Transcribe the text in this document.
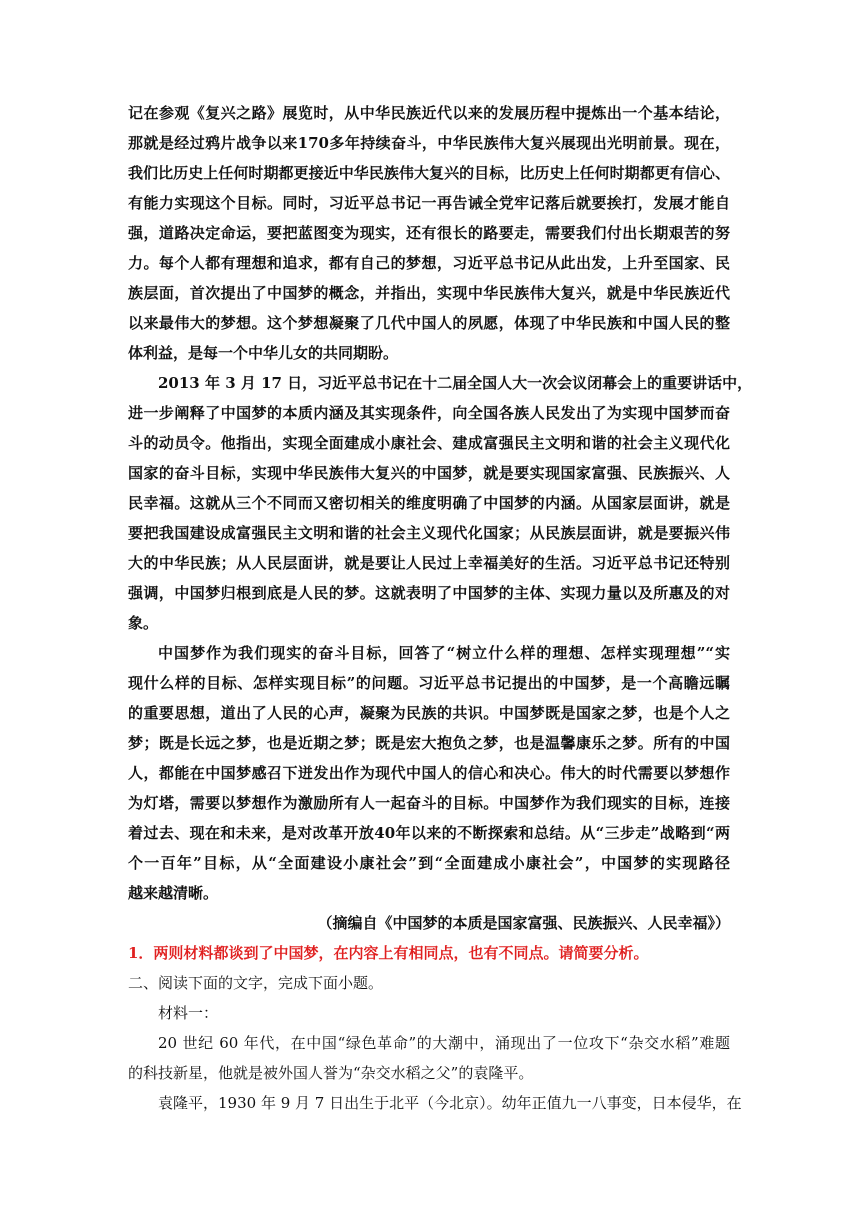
记在参观《复兴之路》展览时，从中华民族近代以来的发展历程中提炼出一个基本结论，
那就是经过鸦片战争以来170多年持续奋斗，中华民族伟大复兴展现出光明前景。现在，
我们比历史上任何时期都更接近中华民族伟大复兴的目标，比历史上任何时期都更有信心、
有能力实现这个目标。同时，习近平总书记一再告诫全党牢记落后就要挨打，发展才能自
强，道路决定命运，要把蓝图变为现实，还有很长的路要走，需要我们付出长期艰苦的努
力。每个人都有理想和追求，都有自己的梦想，习近平总书记从此出发，上升至国家、民
族层面，首次提出了中国梦的概念，并指出，实现中华民族伟大复兴，就是中华民族近代
以来最伟大的梦想。这个梦想凝聚了几代中国人的夙愿，体现了中华民族和中国人民的整
体利益，是每一个中华儿女的共同期盼。
2013 年 3 月 17 日，习近平总书记在十二届全国人大一次会议闭幕会上的重要讲话中，
进一步阐释了中国梦的本质内涵及其实现条件，向全国各族人民发出了为实现中国梦而奋
斗的动员令。他指出，实现全面建成小康社会、建成富强民主文明和谐的社会主义现代化
国家的奋斗目标，实现中华民族伟大复兴的中国梦，就是要实现国家富强、民族振兴、人
民幸福。这就从三个不同而又密切相关的维度明确了中国梦的内涵。从国家层面讲，就是
要把我国建设成富强民主文明和谐的社会主义现代化国家；从民族层面讲，就是要振兴伟
大的中华民族；从人民层面讲，就是要让人民过上幸福美好的生活。习近平总书记还特别
强调，中国梦归根到底是人民的梦。这就表明了中国梦的主体、实现力量以及所惠及的对
象。
中国梦作为我们现实的奋斗目标，回答了“树立什么样的理想、怎样实现理想”“实
现什么样的目标、怎样实现目标”的问题。习近平总书记提出的中国梦，是一个高瞻远瞩
的重要思想，道出了人民的心声，凝聚为民族的共识。中国梦既是国家之梦，也是个人之
梦；既是长远之梦，也是近期之梦；既是宏大抱负之梦，也是温馨康乐之梦。所有的中国
人，都能在中国梦感召下迸发出作为现代中国人的信心和决心。伟大的时代需要以梦想作
为灯塔，需要以梦想作为激励所有人一起奋斗的目标。中国梦作为我们现实的目标，连接
着过去、现在和未来，是对改革开放40年以来的不断探索和总结。从“三步走”战略到“两
个一百年”目标，从“全面建设小康社会”到“全面建成小康社会”，中国梦的实现路径
越来越清晰。
（摘编自《中国梦的本质是国家富强、民族振兴、人民幸福》）
1．两则材料都谈到了中国梦，在内容上有相同点，也有不同点。请简要分析。
二、阅读下面的文字，完成下面小题。
材料一：
20 世纪 60 年代，在中国“绿色革命”的大潮中，涌现出了一位攻下“杂交水稻”难题
的科技新星，他就是被外国人誉为“杂交水稻之父”的袁隆平。
袁隆平，1930 年 9 月 7 日出生于北平（今北京）。幼年正值九一八事变，日本侵华，在
